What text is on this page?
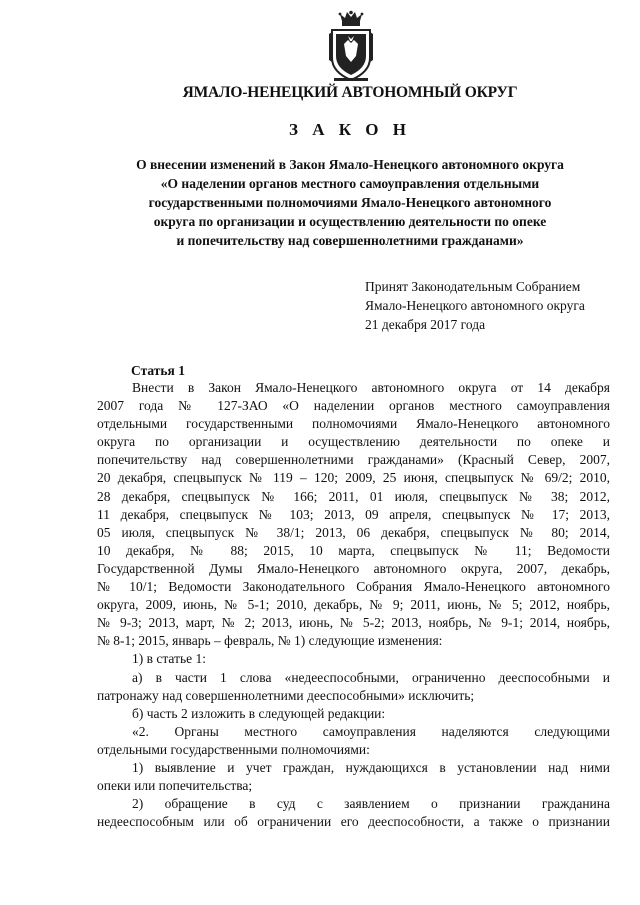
ЯМАЛО-НЕНЕЦКИЙ АВТОНОМНЫЙ ОКРУГ
З А К О Н
О внесении изменений в Закон Ямало-Ненецкого автономного округа
«О наделении органов местного самоуправления отдельными
государственными полномочиями Ямало-Ненецкого автономного
округа по организации и осуществлению деятельности по опеке
и попечительству над совершеннолетними гражданами»
Принят Законодательным Собранием
Ямало-Ненецкого автономного округа
21 декабря 2017 года
Статья 1
Внести в Закон Ямало-Ненецкого автономного округа от 14 декабря
2007 года № 127-ЗАО «О наделении органов местного самоуправления
отдельными государственными полномочиями Ямало-Ненецкого автономного
округа по организации и осуществлению деятельности по опеке и
попечительству над совершеннолетними гражданами» (Красный Север, 2007,
20 декабря, спецвыпуск № 119 – 120; 2009, 25 июня, спецвыпуск № 69/2; 2010,
28 декабря, спецвыпуск № 166; 2011, 01 июля, спецвыпуск № 38; 2012,
11 декабря, спецвыпуск № 103; 2013, 09 апреля, спецвыпуск № 17; 2013,
05 июля, спецвыпуск № 38/1; 2013, 06 декабря, спецвыпуск № 80; 2014,
10 декабря, № 88; 2015, 10 марта, спецвыпуск № 11; Ведомости
Государственной Думы Ямало-Ненецкого автономного округа, 2007, декабрь,
№ 10/1; Ведомости Законодательного Собрания Ямало-Ненецкого автономного
округа, 2009, июнь, № 5-1; 2010, декабрь, № 9; 2011, июнь, № 5; 2012, ноябрь,
№ 9-3; 2013, март, № 2; 2013, июнь, № 5-2; 2013, ноябрь, № 9-1; 2014, ноябрь,
№ 8-1; 2015, январь – февраль, № 1) следующие изменения:
1) в статье 1:
а) в части 1 слова «недееспособными, ограниченно дееспособными и
патронажу над совершеннолетними дееспособными» исключить;
б) часть 2 изложить в следующей редакции:
«2. Органы местного самоуправления наделяются следующими
отдельными государственными полномочиями:
1) выявление и учет граждан, нуждающихся в установлении над ними
опеки или попечительства;
2) обращение в суд с заявлением о признании гражданина
недееспособным или об ограничении его дееспособности, а также о признании
